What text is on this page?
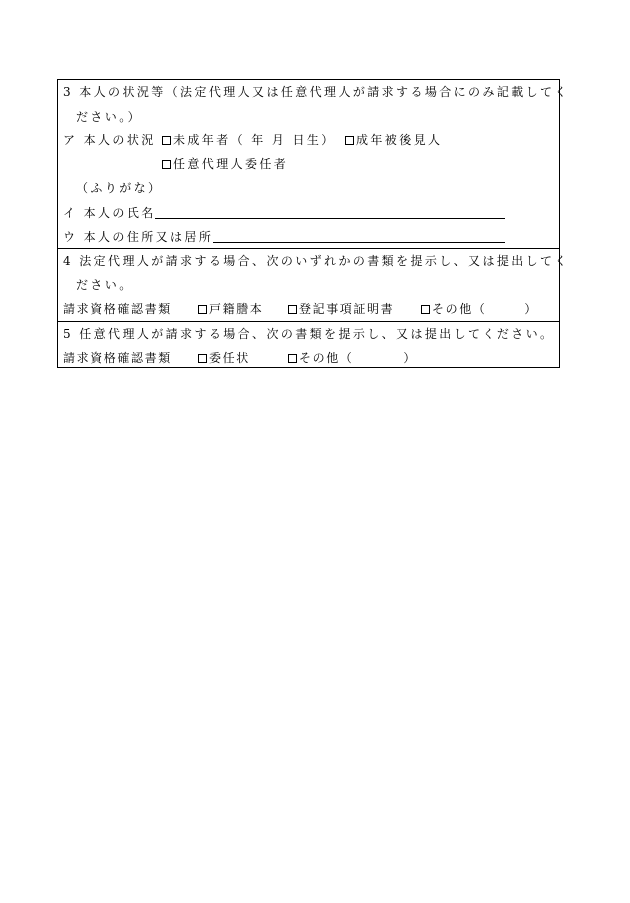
3 本人の状況等（法定代理人又は任意代理人が請求する場合にのみ記載してく
ださい。）
ア 本人の状況	未成年者（ 年 月 日生）	成年被後見人
任意代理人委任者
（ふりがな）
イ 本人の氏名
ウ 本人の住所又は居所
4 法定代理人が請求する場合、次のいずれかの書類を提示し、又は提出してく
ださい。
請求資格確認書類	戸籍謄本	登記事項証明書	その他（	）
5 任意代理人が請求する場合、次の書類を提示し、又は提出してください。
請求資格確認書類	委任状	その他（	）
